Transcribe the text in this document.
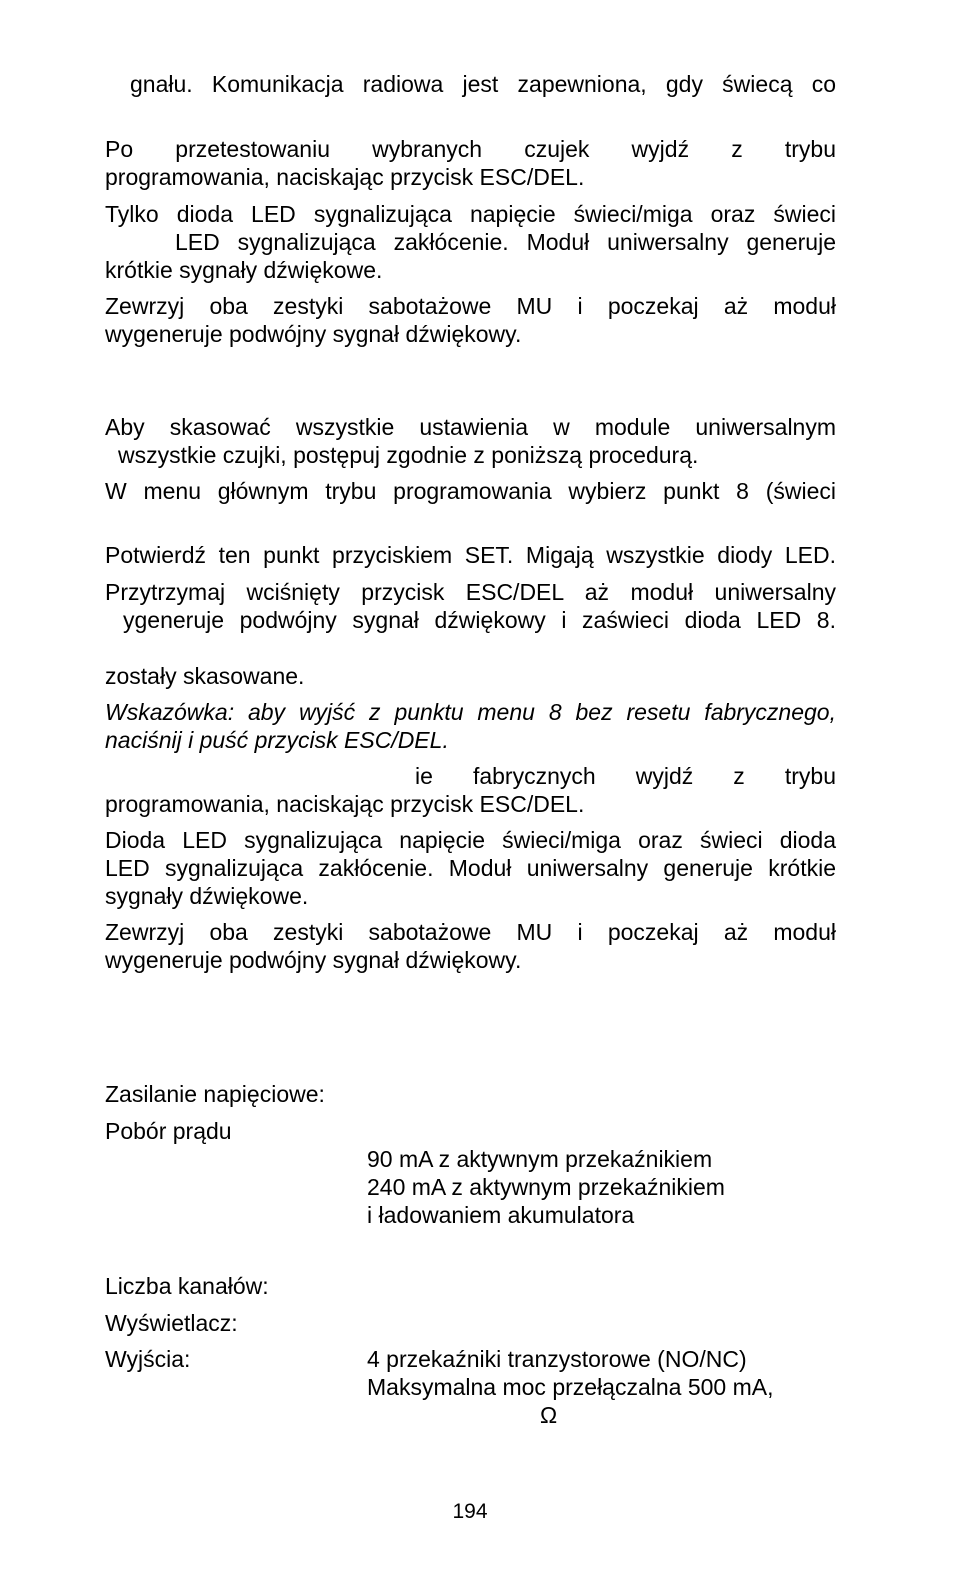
gnału. Komunikacja radiowa jest zapewniona, gdy świecą co
Po przetestowaniu wybranych czujek wyjdź z trybu
programowania, naciskając przycisk ESC/DEL.
Tylko dioda LED sygnalizująca napięcie świeci/miga oraz świeci
LED sygnalizująca zakłócenie. Moduł uniwersalny generuje
krótkie sygnały dźwiękowe.
Zewrzyj oba zestyki sabotażowe MU i poczekaj aż moduł
wygeneruje podwójny sygnał dźwiękowy.
Aby skasować wszystkie ustawienia w module uniwersalnym
wszystkie czujki, postępuj zgodnie z poniższą procedurą.
W menu głównym trybu programowania wybierz punkt 8 (świeci
Potwierdź ten punkt przyciskiem SET. Migają wszystkie diody LED.
Przytrzymaj wciśnięty przycisk ESC/DEL aż moduł uniwersalny
ygeneruje podwójny sygnał dźwiękowy i zaświeci dioda LED 8.
zostały skasowane.
Wskazówka: aby wyjść z punktu menu 8 bez resetu fabrycznego,
naciśnij i puść przycisk ESC/DEL.
ie fabrycznych wyjdź z trybu
programowania, naciskając przycisk ESC/DEL.
Dioda LED sygnalizująca napięcie świeci/miga oraz świeci dioda
LED sygnalizująca zakłócenie. Moduł uniwersalny generuje krótkie
sygnały dźwiękowe.
Zewrzyj oba zestyki sabotażowe MU i poczekaj aż moduł
wygeneruje podwójny sygnał dźwiękowy.
Zasilanie napięciowe:
Pobór prądu
90 mA z aktywnym przekaźnikiem
240 mA z aktywnym przekaźnikiem
i ładowaniem akumulatora
Liczba kanałów:
Wyświetlacz:
Wyjścia:	4 przekaźniki tranzystorowe (NO/NC)
Maksymalna moc przełączalna 500 mA,
Ω
194
